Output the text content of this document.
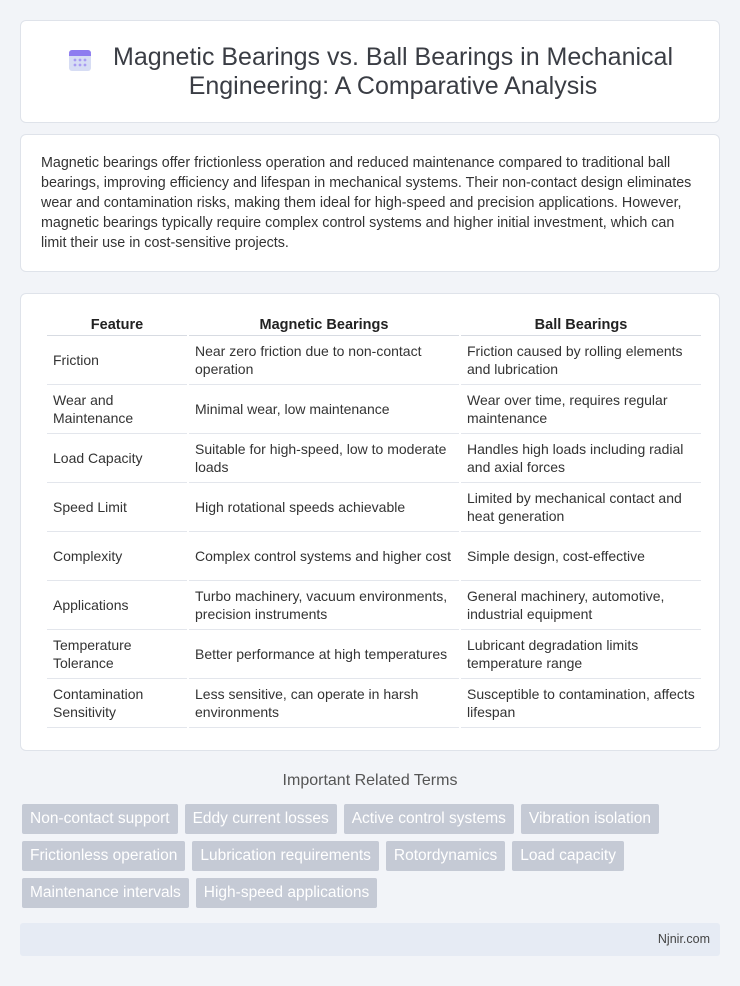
Magnetic Bearings vs. Ball Bearings in Mechanical Engineering: A Comparative Analysis

Magnetic bearings offer frictionless operation and reduced maintenance compared to traditional ball bearings, improving efficiency and lifespan in mechanical systems. Their non-contact design eliminates wear and contamination risks, making them ideal for high-speed and precision applications. However, magnetic bearings typically require complex control systems and higher initial investment, which can limit their use in cost-sensitive projects.

Feature	Magnetic Bearings	Ball Bearings
Friction	Near zero friction due to non-contact operation	Friction caused by rolling elements and lubrication
Wear and Maintenance	Minimal wear, low maintenance	Wear over time, requires regular maintenance
Load Capacity	Suitable for high-speed, low to moderate loads	Handles high loads including radial and axial forces
Speed Limit	High rotational speeds achievable	Limited by mechanical contact and heat generation
Complexity	Complex control systems and higher cost	Simple design, cost-effective
Applications	Turbo machinery, vacuum environments, precision instruments	General machinery, automotive, industrial equipment
Temperature Tolerance	Better performance at high temperatures	Lubricant degradation limits temperature range
Contamination Sensitivity	Less sensitive, can operate in harsh environments	Susceptible to contamination, affects lifespan
Important Related Terms
Non-contact support	Eddy current losses	Active control systems	Vibration isolation
Frictionless operation	Lubrication requirements	Rotordynamics	Load capacity
Maintenance intervals	High-speed applications
Njnir.com
